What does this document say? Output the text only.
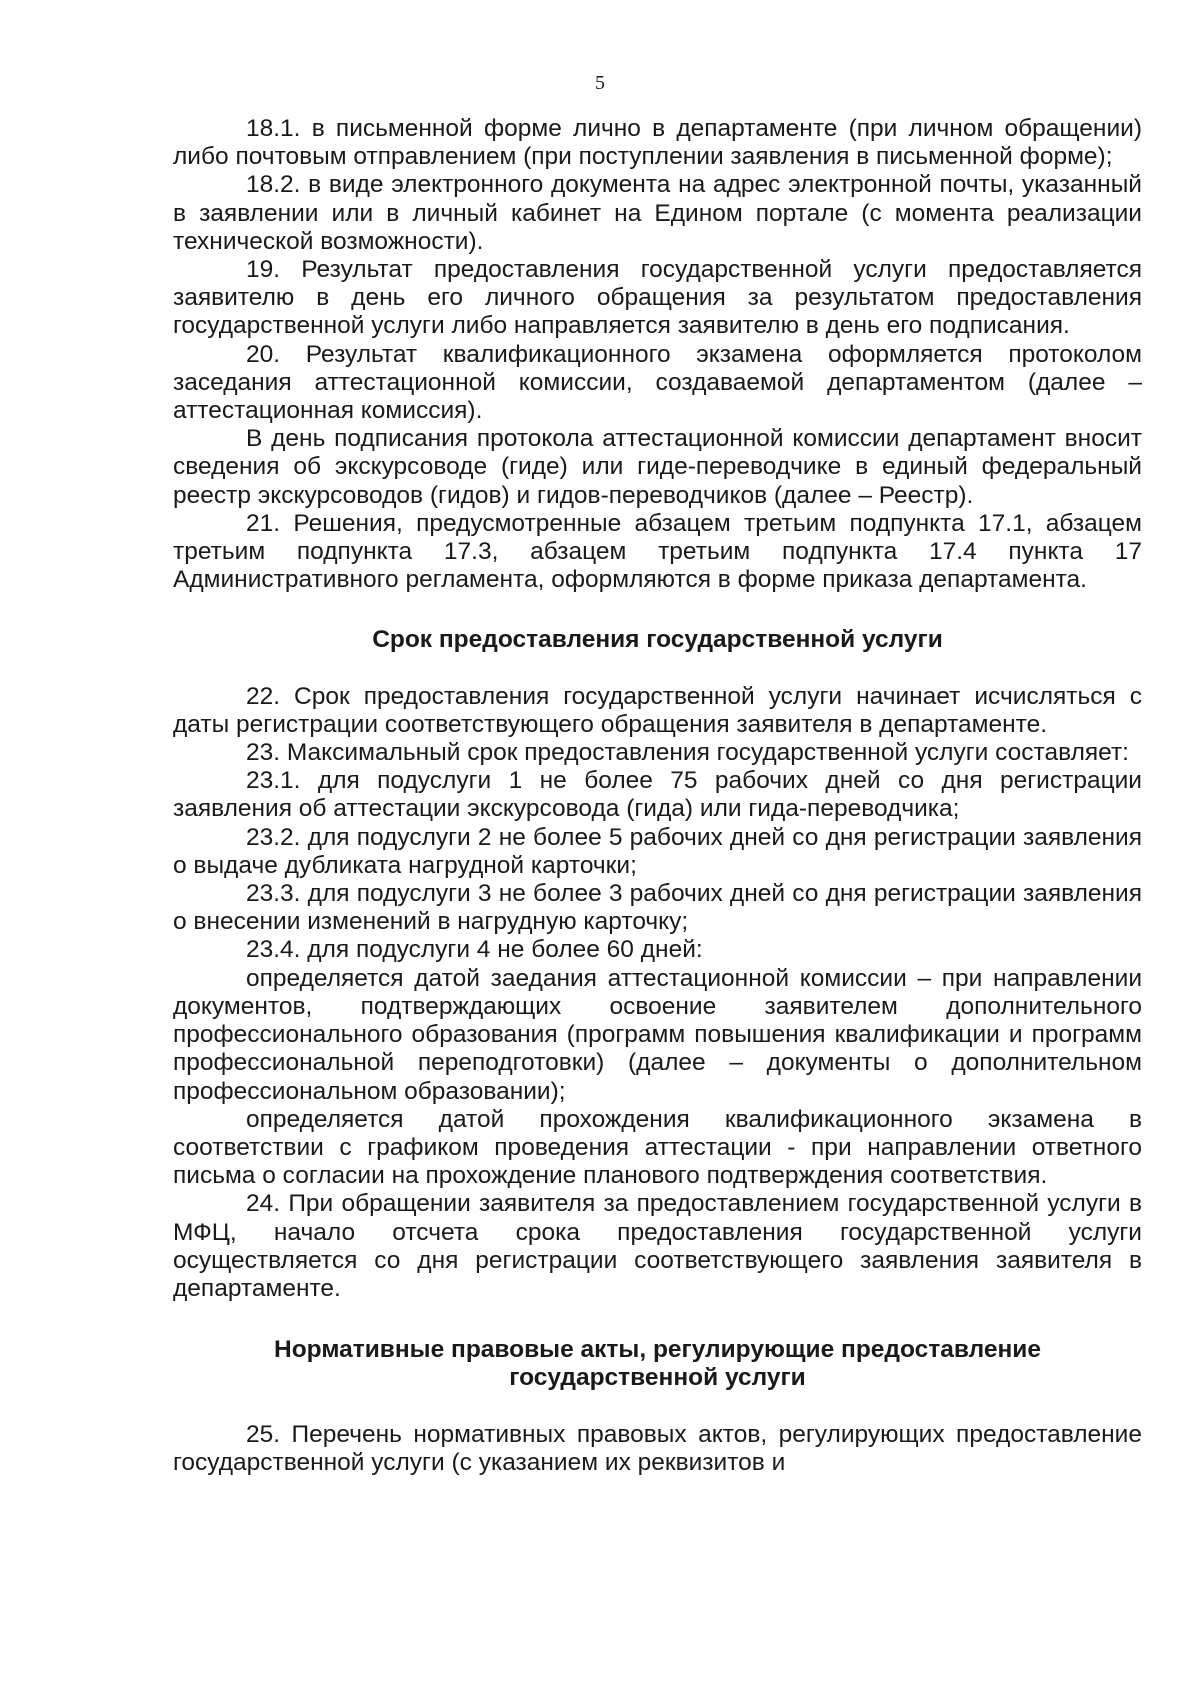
5

18.1. в письменной форме лично в департаменте (при личном обращении) либо почтовым отправлением (при поступлении заявления в письменной форме);

18.2. в виде электронного документа на адрес электронной почты, указанный в заявлении или в личный кабинет на Едином портале (с момента реализации технической возможности).

19. Результат предоставления государственной услуги предоставляется заявителю в день его личного обращения за результатом предоставления государственной услуги либо направляется заявителю в день его подписания.

20. Результат квалификационного экзамена оформляется протоколом заседания аттестационной комиссии, создаваемой департаментом (далее – аттестационная комиссия).

В день подписания протокола аттестационной комиссии департамент вносит сведения об экскурсоводе (гиде) или гиде-переводчике в единый федеральный реестр экскурсоводов (гидов) и гидов-переводчиков (далее – Реестр).

21. Решения, предусмотренные абзацем третьим подпункта 17.1, абзацем третьим подпункта 17.3, абзацем третьим подпункта 17.4 пункта 17 Административного регламента, оформляются в форме приказа департамента.

Срок предоставления государственной услуги

22. Срок предоставления государственной услуги начинает исчисляться с даты регистрации соответствующего обращения заявителя в департаменте.

23. Максимальный срок предоставления государственной услуги составляет:

23.1. для подуслуги 1 не более 75 рабочих дней со дня регистрации заявления об аттестации экскурсовода (гида) или гида-переводчика;

23.2. для подуслуги 2 не более 5 рабочих дней со дня регистрации заявления о выдаче дубликата нагрудной карточки;

23.3. для подуслуги 3 не более 3 рабочих дней со дня регистрации заявления о внесении изменений в нагрудную карточку;

23.4. для подуслуги 4 не более 60 дней:

определяется датой заедания аттестационной комиссии – при направлении документов, подтверждающих освоение заявителем дополнительного профессионального образования (программ повышения квалификации и программ профессиональной переподготовки) (далее – документы о дополнительном профессиональном образовании);

определяется датой прохождения квалификационного экзамена в соответствии с графиком проведения аттестации - при направлении ответного письма о согласии на прохождение планового подтверждения соответствия.

24. При обращении заявителя за предоставлением государственной услуги в МФЦ, начало отсчета срока предоставления государственной услуги осуществляется со дня регистрации соответствующего заявления заявителя в департаменте.

Нормативные правовые акты, регулирующие предоставление государственной услуги

25. Перечень нормативных правовых актов, регулирующих предоставление государственной услуги (с указанием их реквизитов и
